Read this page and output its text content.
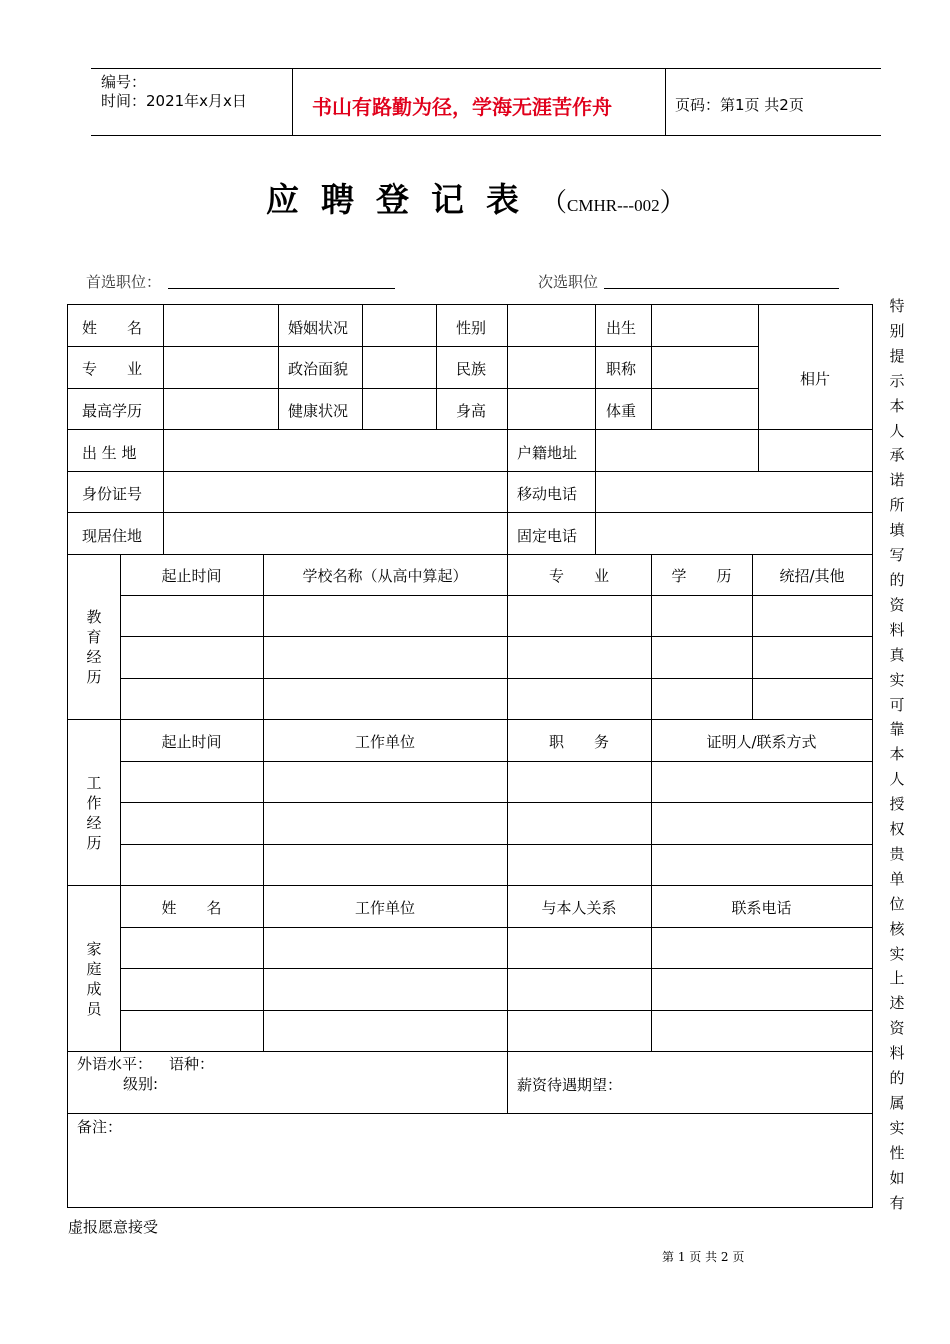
编号：
时间：2021年x月x日	书山有路勤为径，学海无涯苦作舟	页码：第1页 共2页
应聘登记表（CMHR---002）
首选职位：	次选职位
姓　　名	婚姻状况	性别	出生
专　　业	政治面貌	民族	职称
最高学历	健康状况	身高	体重
相片
出 生 地	户籍地址
身份证号	移动电话
现居住地	固定电话
教育经历
起止时间	学校名称（从高中算起）	专　　业	学　　历	统招/其他
工作经历
起止时间	工作单位	职　　务	证明人/联系方式
家庭成员
姓　　名	工作单位	与本人关系	联系电话
外语水平： 语种：
级别:	薪资待遇期望：
备注：
特别提示本人承诺所填写的资料真实可靠本人授权贵单位核实上述资料的属实性如有
虚报愿意接受
第 1 页 共 2 页
